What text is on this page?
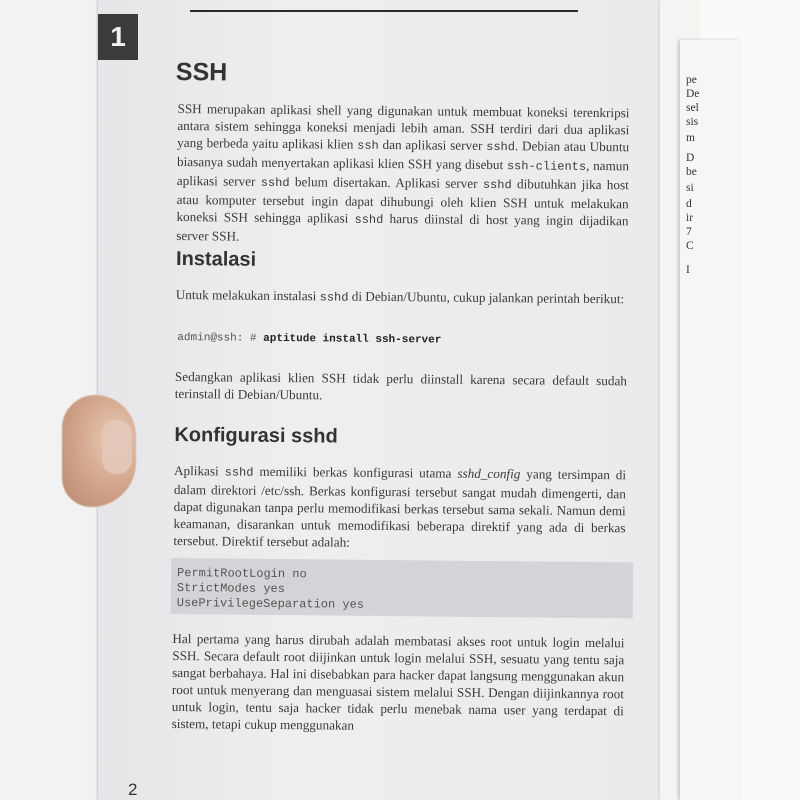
pe
De
sel
sis
m
D
be
si
d
ir
7
C
I
1
SSH

SSH merupakan aplikasi shell yang digunakan untuk membuat koneksi terenkripsi antara sistem sehingga koneksi menjadi lebih aman. SSH terdiri dari dua aplikasi yang berbeda yaitu aplikasi klien ssh dan aplikasi server sshd. Debian atau Ubuntu biasanya sudah menyertakan aplikasi klien SSH yang disebut ssh-clients, namun aplikasi server sshd belum disertakan. Aplikasi server sshd dibutuhkan jika host atau komputer tersebut ingin dapat dihubungi oleh klien SSH untuk melakukan koneksi SSH sehingga aplikasi sshd harus diinstal di host yang ingin dijadikan server SSH.

Instalasi

Untuk melakukan instalasi sshd di Debian/Ubuntu, cukup jalankan perintah berikut:

admin@ssh: # aptitude install ssh-server

Sedangkan aplikasi klien SSH tidak perlu diinstall karena secara default sudah terinstall di Debian/Ubuntu.

Konfigurasi sshd

Aplikasi sshd memiliki berkas konfigurasi utama sshd_config yang tersimpan di dalam direktori /etc/ssh. Berkas konfigurasi tersebut sangat mudah dimengerti, dan dapat digunakan tanpa perlu memodifikasi berkas tersebut sama sekali. Namun demi keamanan, disarankan untuk memodifikasi beberapa direktif yang ada di berkas tersebut. Direktif tersebut adalah:

PermitRootLogin no
StrictModes yes
UsePrivilegeSeparation yes

Hal pertama yang harus dirubah adalah membatasi akses root untuk login melalui SSH. Secara default root diijinkan untuk login melalui SSH, sesuatu yang tentu saja sangat berbahaya. Hal ini disebabkan para hacker dapat langsung menggunakan akun root untuk menyerang dan menguasai sistem melalui SSH. Dengan diijinkannya root untuk login, tentu saja hacker tidak perlu menebak nama user yang terdapat di sistem, tetapi cukup menggunakan

2
